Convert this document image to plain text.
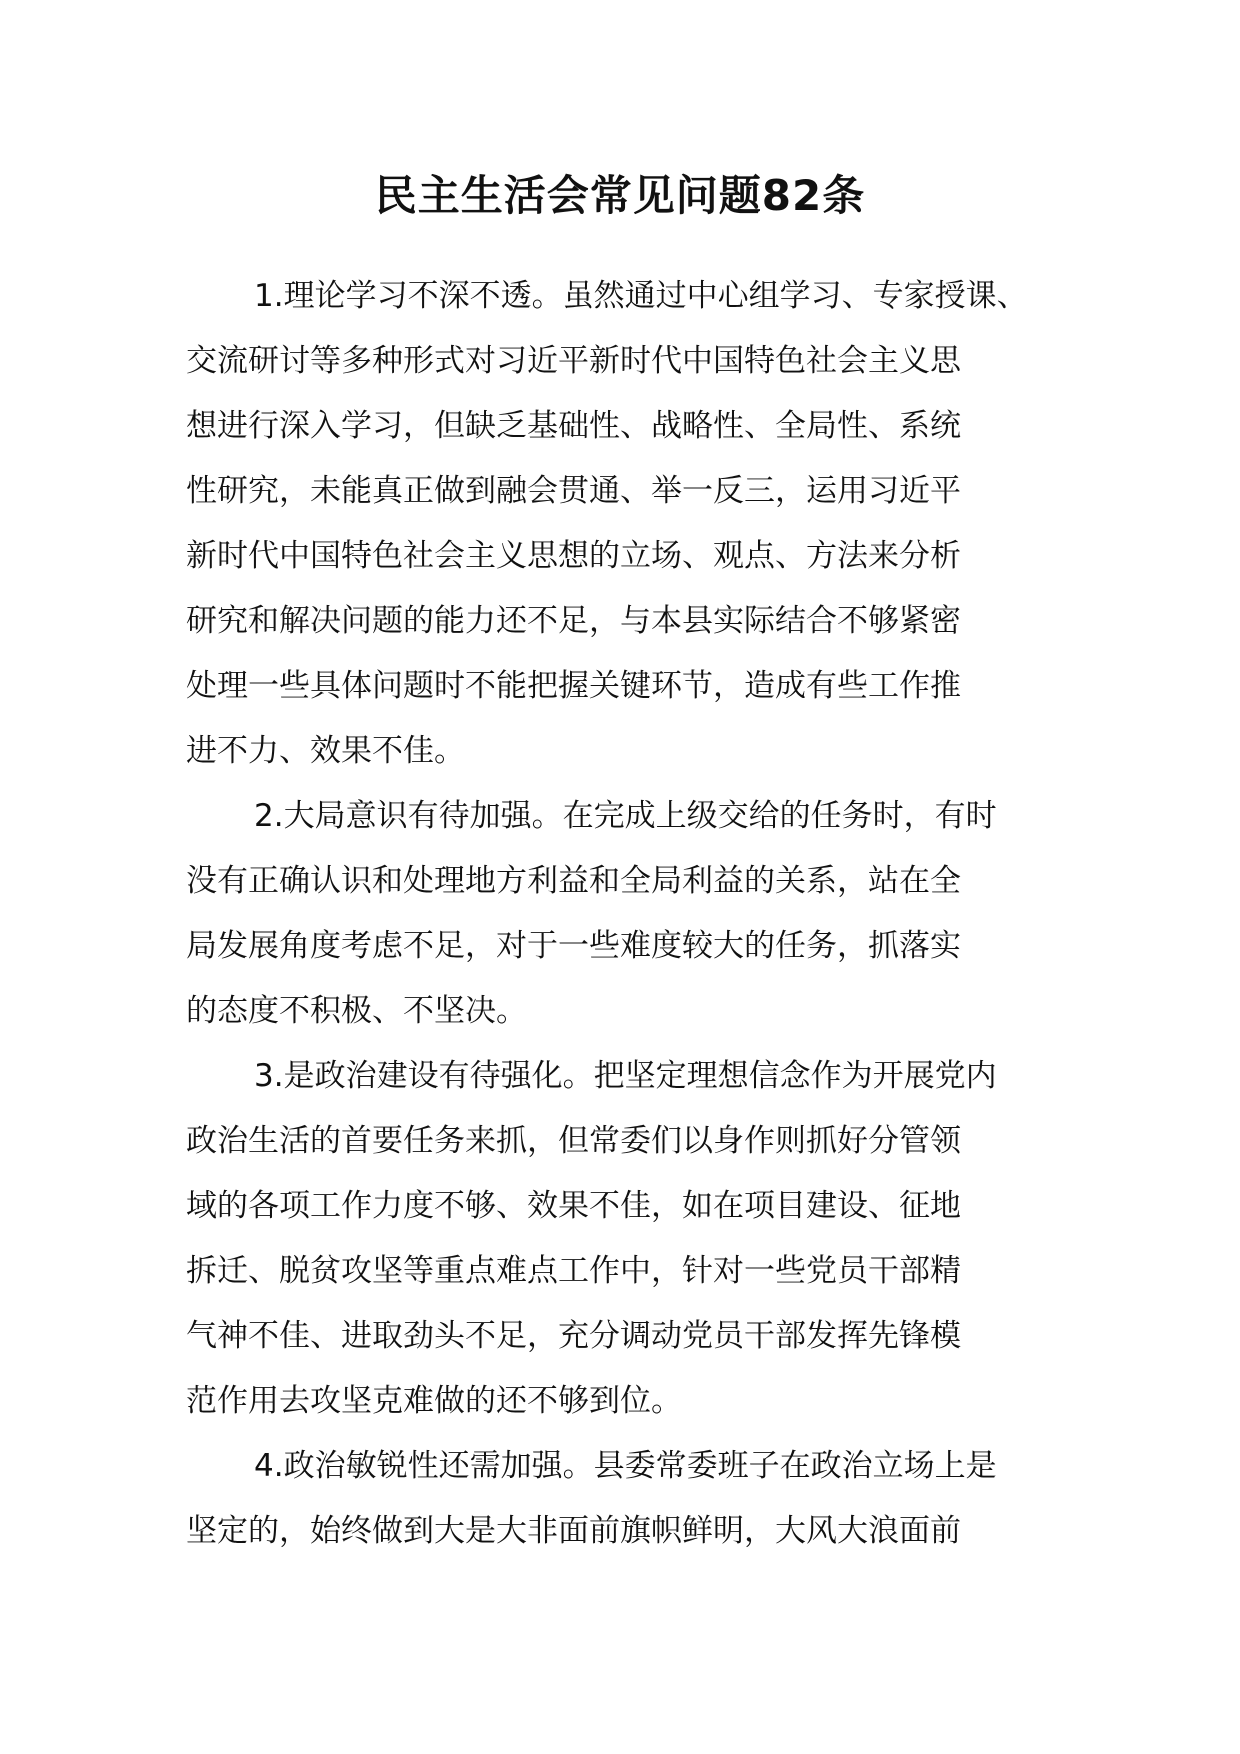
民主生活会常见问题82条
1.理论学习不深不透。虽然通过中心组学习、专家授课、
交流研讨等多种形式对习近平新时代中国特色社会主义思
想进行深入学习，但缺乏基础性、战略性、全局性、系统
性研究，未能真正做到融会贯通、举一反三，运用习近平
新时代中国特色社会主义思想的立场、观点、方法来分析
研究和解决问题的能力还不足，与本县实际结合不够紧密
处理一些具体问题时不能把握关键环节，造成有些工作推
进不力、效果不佳。
2.大局意识有待加强。在完成上级交给的任务时，有时
没有正确认识和处理地方利益和全局利益的关系，站在全
局发展角度考虑不足，对于一些难度较大的任务，抓落实
的态度不积极、不坚决。
3.是政治建设有待强化。把坚定理想信念作为开展党内
政治生活的首要任务来抓，但常委们以身作则抓好分管领
域的各项工作力度不够、效果不佳，如在项目建设、征地
拆迁、脱贫攻坚等重点难点工作中，针对一些党员干部精
气神不佳、进取劲头不足，充分调动党员干部发挥先锋模
范作用去攻坚克难做的还不够到位。
4.政治敏锐性还需加强。县委常委班子在政治立场上是
坚定的，始终做到大是大非面前旗帜鲜明，大风大浪面前
